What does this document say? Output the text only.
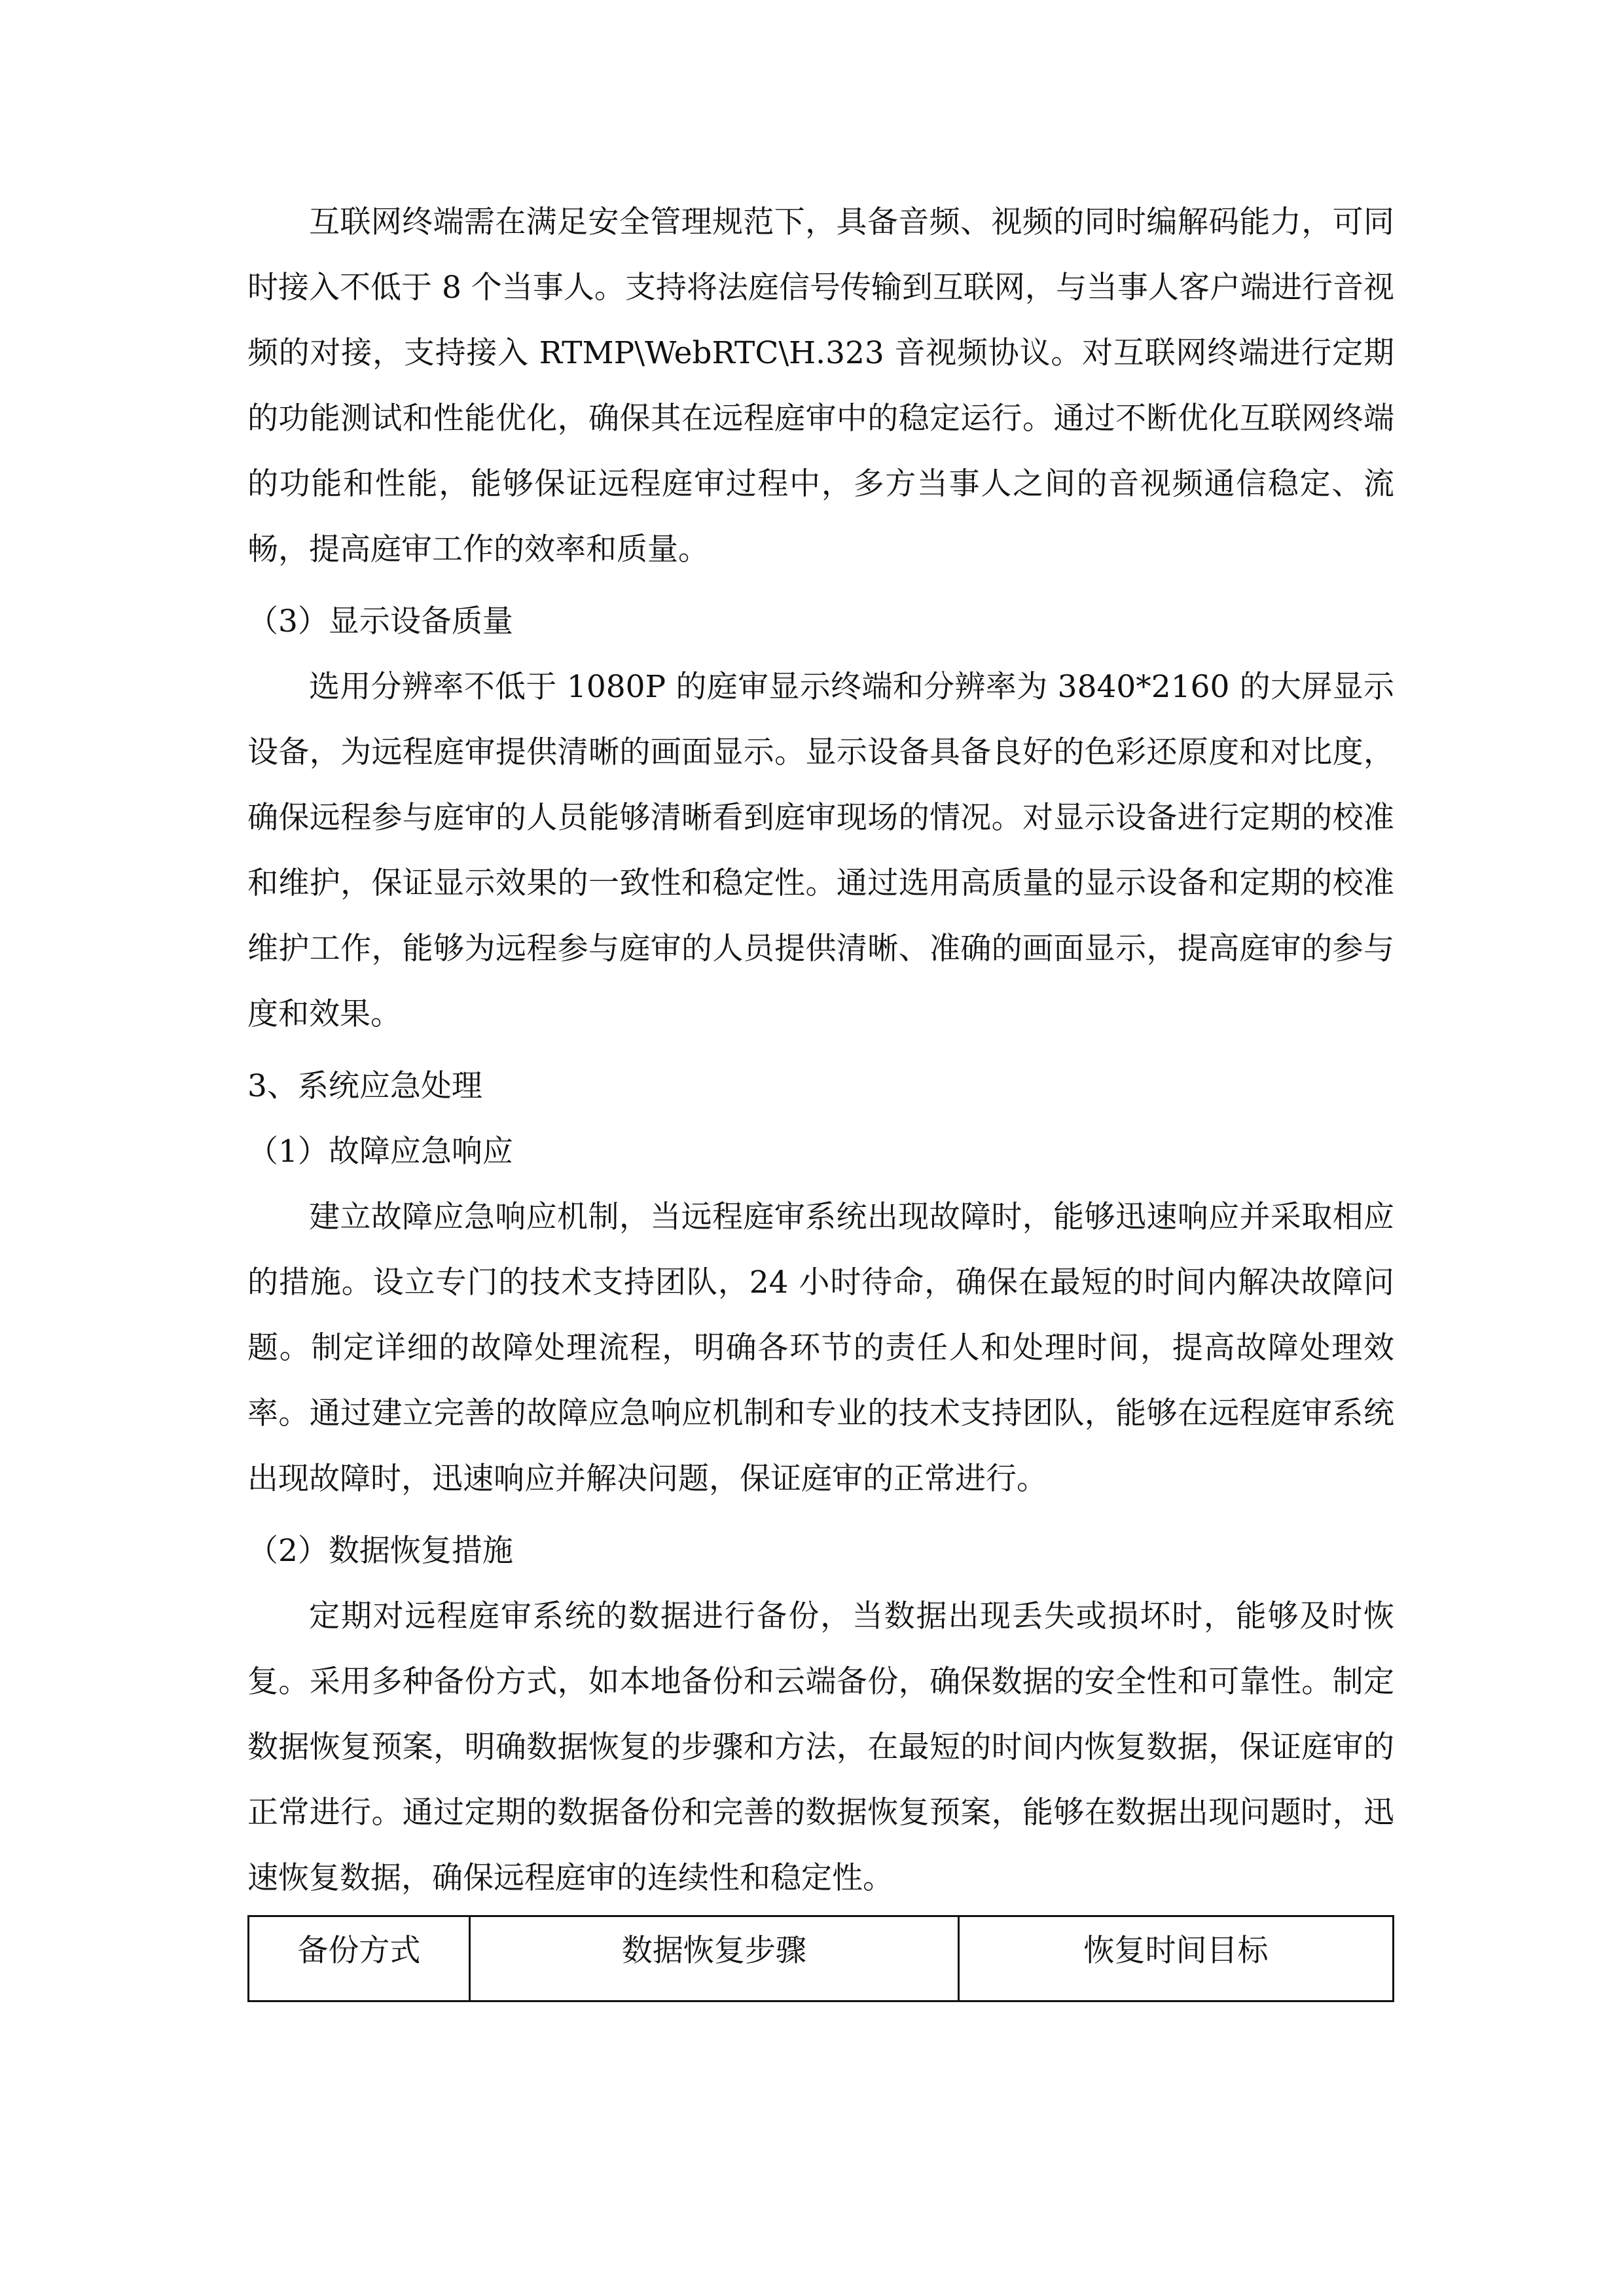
互联网终端需在满足安全管理规范下，具备音频、视频的同时编解码能力，可同时接入不低于 8 个当事人。支持将法庭信号传输到互联网，与当事人客户端进行音视频的对接，支持接入 RTMP\WebRTC\H.323 音视频协议。对互联网终端进行定期的功能测试和性能优化，确保其在远程庭审中的稳定运行。通过不断优化互联网终端的功能和性能，能够保证远程庭审过程中，多方当事人之间的音视频通信稳定、流畅，提高庭审工作的效率和质量。

（3）显示设备质量

选用分辨率不低于 1080P 的庭审显示终端和分辨率为 3840*2160 的大屏显示设备，为远程庭审提供清晰的画面显示。显示设备具备良好的色彩还原度和对比度，确保远程参与庭审的人员能够清晰看到庭审现场的情况。对显示设备进行定期的校准和维护，保证显示效果的一致性和稳定性。通过选用高质量的显示设备和定期的校准维护工作，能够为远程参与庭审的人员提供清晰、准确的画面显示，提高庭审的参与度和效果。

3、系统应急处理

（1）故障应急响应

建立故障应急响应机制，当远程庭审系统出现故障时，能够迅速响应并采取相应的措施。设立专门的技术支持团队，24 小时待命，确保在最短的时间内解决故障问题。制定详细的故障处理流程，明确各环节的责任人和处理时间，提高故障处理效率。通过建立完善的故障应急响应机制和专业的技术支持团队，能够在远程庭审系统出现故障时，迅速响应并解决问题，保证庭审的正常进行。

（2）数据恢复措施

定期对远程庭审系统的数据进行备份，当数据出现丢失或损坏时，能够及时恢复。采用多种备份方式，如本地备份和云端备份，确保数据的安全性和可靠性。制定数据恢复预案，明确数据恢复的步骤和方法，在最短的时间内恢复数据，保证庭审的正常进行。通过定期的数据备份和完善的数据恢复预案，能够在数据出现问题时，迅速恢复数据，确保远程庭审的连续性和稳定性。

备份方式	数据恢复步骤	恢复时间目标
